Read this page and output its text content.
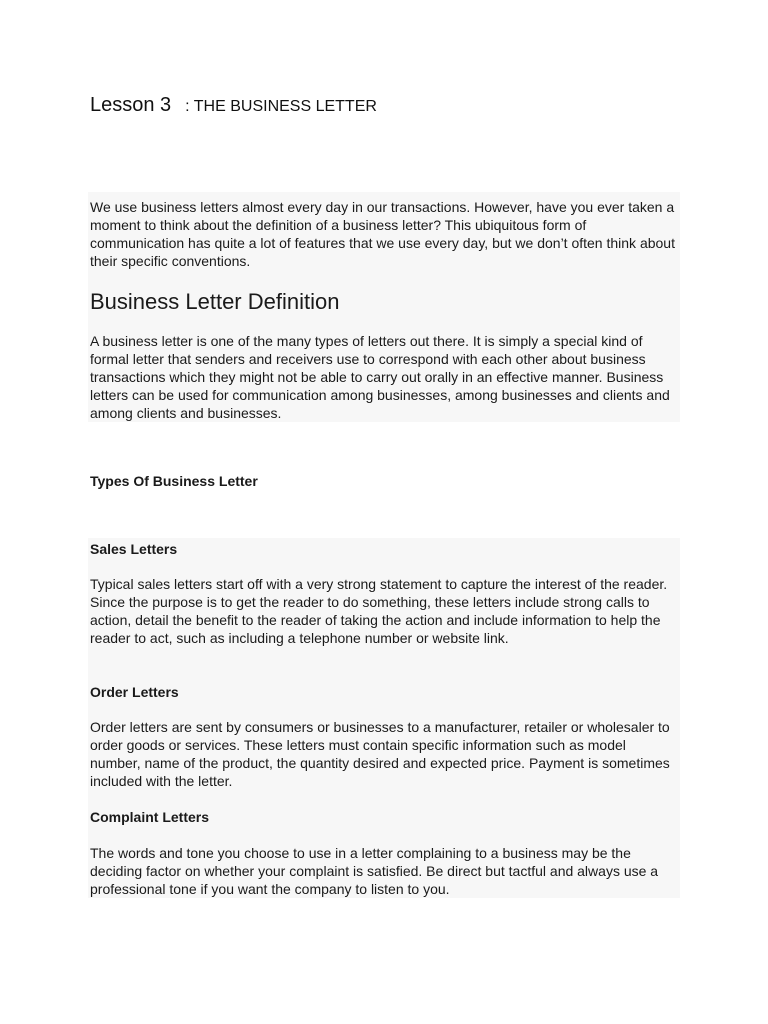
Lesson 3 : THE BUSINESS LETTER

We use business letters almost every day in our transactions. However, have you ever taken a moment to think about the definition of a business letter? This ubiquitous form of communication has quite a lot of features that we use every day, but we don’t often think about their specific conventions.

Business Letter Definition

A business letter is one of the many types of letters out there. It is simply a special kind of formal letter that senders and receivers use to correspond with each other about business transactions which they might not be able to carry out orally in an effective manner. Business letters can be used for communication among businesses, among businesses and clients and among clients and businesses.

Types Of Business Letter
Sales Letters

Typical sales letters start off with a very strong statement to capture the interest of the reader. Since the purpose is to get the reader to do something, these letters include strong calls to action, detail the benefit to the reader of taking the action and include information to help the reader to act, such as including a telephone number or website link.

Order Letters

Order letters are sent by consumers or businesses to a manufacturer, retailer or wholesaler to order goods or services. These letters must contain specific information such as model number, name of the product, the quantity desired and expected price. Payment is sometimes included with the letter.

Complaint Letters

The words and tone you choose to use in a letter complaining to a business may be the deciding factor on whether your complaint is satisfied. Be direct but tactful and always use a professional tone if you want the company to listen to you.
